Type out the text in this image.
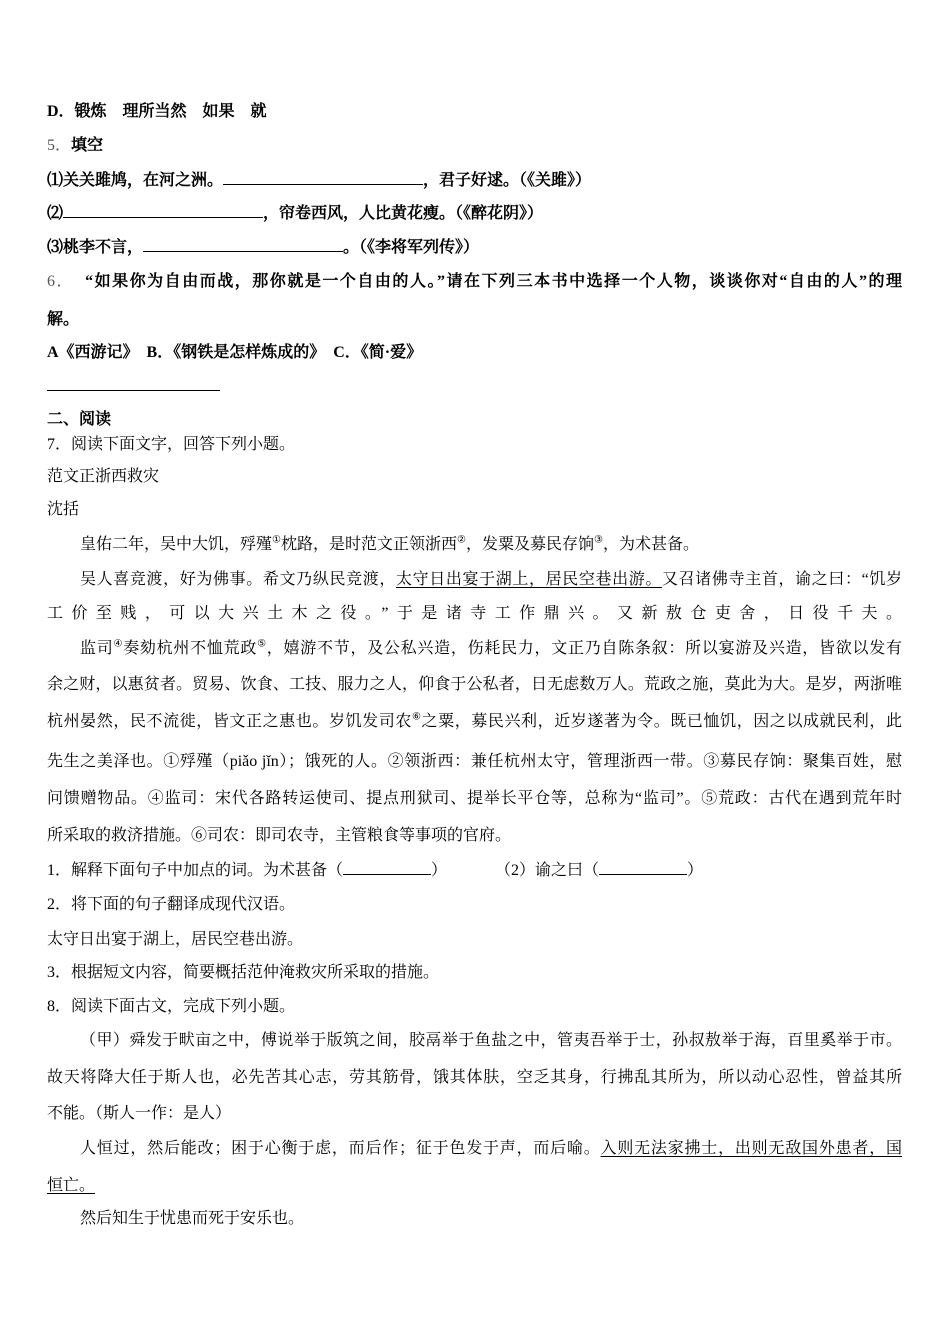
D．锻炼　理所当然　如果　就
5．填空
⑴关关雎鸠，在河之洲。	，君子好逑。（《关雎》）
⑵	，帘卷西风，人比黄花瘦。（《醉花阴》）
⑶桃李不言，	。（《李将军列传》）
6． “如果你为自由而战，那你就是一个自由的人。”请在下列三本书中选择一个人物，谈谈你对“自由的人”的理
解。
A《西游记》　B．《钢铁是怎样炼成的》　C．《简·爱》
二、阅读
7．阅读下面文字，回答下列小题。
范文正浙西救灾
沈括
皇佑二年，吴中大饥，殍殣①枕路，是时范文正领浙西②，发粟及募民存饷③，为术甚备。
吴人喜竞渡，好为佛事。希文乃纵民竞渡，太守日出宴于湖上，居民空巷出游。又召诸佛寺主首，谕之曰：“饥岁
工价至贱，可以大兴土木之役。”于是诸寺工作鼎兴。又新敖仓吏舍，日役千夫。
监司④奏劾杭州不恤荒政⑤，嬉游不节，及公私兴造，伤耗民力，文正乃自陈条叙：所以宴游及兴造，皆欲以发有
余之财，以惠贫者。贸易、饮食、工技、服力之人，仰食于公私者，日无虑数万人。荒政之施，莫此为大。是岁，两浙唯
杭州晏然，民不流徙，皆文正之惠也。岁饥发司农⑥之粟，募民兴利，近岁遂著为令。既已恤饥，因之以成就民利，此
先生之美泽也。①殍殣（piǎo jǐn）；饿死的人。②领浙西：兼任杭州太守，管理浙西一带。③募民存饷：聚集百姓，慰
问馈赠物品。④监司：宋代各路转运使司、提点刑狱司、提举长平仓等，总称为“监司”。⑤荒政：古代在遇到荒年时
所采取的救济措施。⑥司农：即司农寺，主管粮食等事项的官府。
1．解释下面句子中加点的词。为术甚备（	）	（2）谕之曰（	）
2．将下面的句子翻译成现代汉语。
太守日出宴于湖上，居民空巷出游。
3．根据短文内容，简要概括范仲淹救灾所采取的措施。
8．阅读下面古文，完成下列小题。
（甲）舜发于畎亩之中，傅说举于版筑之间，胶鬲举于鱼盐之中，管夷吾举于士，孙叔敖举于海，百里奚举于市。
故天将降大任于斯人也，必先苦其心志，劳其筋骨，饿其体肤，空乏其身，行拂乱其所为，所以动心忍性，曾益其所
不能。（斯人一作：是人）
人恒过，然后能改；困于心衡于虑，而后作；征于色发于声，而后喻。入则无法家拂士，出则无敌国外患者，国
恒亡。
然后知生于忧患而死于安乐也。
